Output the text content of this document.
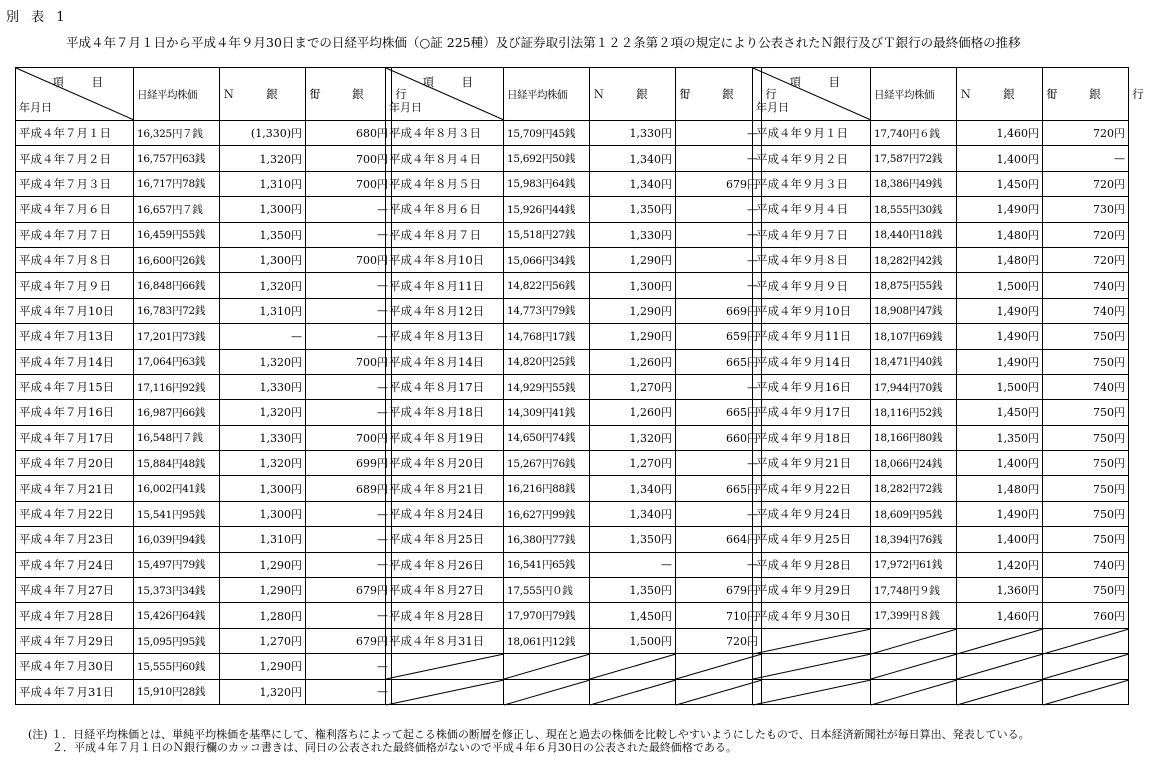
別 表 1
平成４年７月１日から平成４年９月30日までの日経平均株価（○証 225種）及び証券取引法第１２２条第２項の規定により公表されたＮ銀行及びＴ銀行の最終価格の推移
項 目
年月日	日経平均株価	Ｎ 銀 行	Ｔ 銀 行
平成４年７月１日	16,325円７銭	(1,330)円	680円
平成４年７月２日	16,757円63銭	1,320円	700円
平成４年７月３日	16,717円78銭	1,310円	700円
平成４年７月６日	16,657円７銭	1,300円	—
平成４年７月７日	16,459円55銭	1,350円	—
平成４年７月８日	16,600円26銭	1,300円	700円
平成４年７月９日	16,848円66銭	1,320円	—
平成４年７月10日	16,783円72銭	1,310円	—
平成４年７月13日	17,201円73銭	—	—
平成４年７月14日	17,064円63銭	1,320円	700円
平成４年７月15日	17,116円92銭	1,330円	—
平成４年７月16日	16,987円66銭	1,320円	—
平成４年７月17日	16,548円７銭	1,330円	700円
平成４年７月20日	15,884円48銭	1,320円	699円
平成４年７月21日	16,002円41銭	1,300円	689円
平成４年７月22日	15,541円95銭	1,300円	—
平成４年７月23日	16,039円94銭	1,310円	—
平成４年７月24日	15,497円79銭	1,290円	—
平成４年７月27日	15,373円34銭	1,290円	679円
平成４年７月28日	15,426円64銭	1,280円	—
平成４年７月29日	15,095円95銭	1,270円	679円
平成４年７月30日	15,555円60銭	1,290円	—
平成４年７月31日	15,910円28銭	1,320円	—
項 目
年月日	日経平均株価	Ｎ 銀 行	Ｔ 銀 行
平成４年８月３日	15,709円45銭	1,330円	—
平成４年８月４日	15,692円50銭	1,340円	—
平成４年８月５日	15,983円64銭	1,340円	679円
平成４年８月６日	15,926円44銭	1,350円	—
平成４年８月７日	15,518円27銭	1,330円	—
平成４年８月10日	15,066円34銭	1,290円	—
平成４年８月11日	14,822円56銭	1,300円	—
平成４年８月12日	14,773円79銭	1,290円	669円
平成４年８月13日	14,768円17銭	1,290円	659円
平成４年８月14日	14,820円25銭	1,260円	665円
平成４年８月17日	14,929円55銭	1,270円	—
平成４年８月18日	14,309円41銭	1,260円	665円
平成４年８月19日	14,650円74銭	1,320円	660円
平成４年８月20日	15,267円76銭	1,270円	—
平成４年８月21日	16,216円88銭	1,340円	665円
平成４年８月24日	16,627円99銭	1,340円	—
平成４年８月25日	16,380円77銭	1,350円	664円
平成４年８月26日	16,541円65銭	—	—
平成４年８月27日	17,555円０銭	1,350円	679円
平成４年８月28日	17,970円79銭	1,450円	710円
平成４年８月31日	18,061円12銭	1,500円	720円

項 目
年月日	日経平均株価	Ｎ 銀 行	Ｔ 銀 行
平成４年９月１日	17,740円６銭	1,460円	720円
平成４年９月２日	17,587円72銭	1,400円	—
平成４年９月３日	18,386円49銭	1,450円	720円
平成４年９月４日	18,555円30銭	1,490円	730円
平成４年９月７日	18,440円18銭	1,480円	720円
平成４年９月８日	18,282円42銭	1,480円	720円
平成４年９月９日	18,875円55銭	1,500円	740円
平成４年９月10日	18,908円47銭	1,490円	740円
平成４年９月11日	18,107円69銭	1,490円	750円
平成４年９月14日	18,471円40銭	1,490円	750円
平成４年９月16日	17,944円70銭	1,500円	740円
平成４年９月17日	18,116円52銭	1,450円	750円
平成４年９月18日	18,166円80銭	1,350円	750円
平成４年９月21日	18,066円24銭	1,400円	750円
平成４年９月22日	18,282円72銭	1,480円	750円
平成４年９月24日	18,609円95銭	1,490円	750円
平成４年９月25日	18,394円76銭	1,400円	750円
平成４年９月28日	17,972円61銭	1,420円	740円
平成４年９月29日	17,748円９銭	1,360円	750円
平成４年９月30日	17,399円８銭	1,460円	760円

(注) １．日経平均株価とは、単純平均株価を基準にして、権利落ちによって起こる株価の断層を修正し、現在と過去の株価を比較しやすいようにしたもので、日本経済新聞社が毎日算出、発表している。
２．平成４年７月１日のＮ銀行欄のカッコ書きは、同日の公表された最終価格がないので平成４年６月30日の公表された最終価格である。
